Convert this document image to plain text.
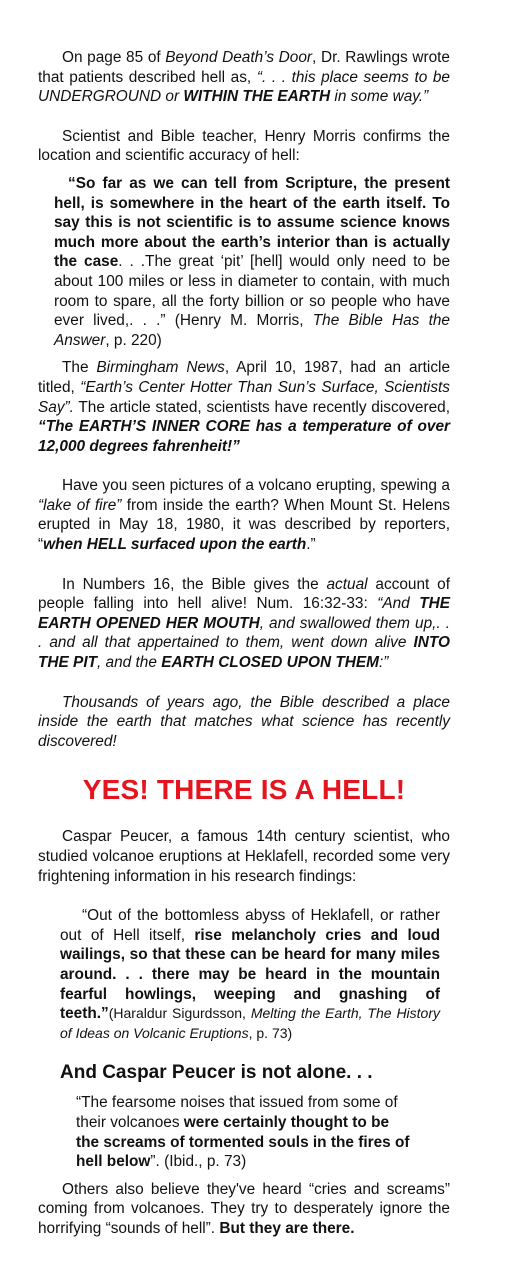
On page 85 of Beyond Death’s Door, Dr. Rawlings wrote that patients described hell as, “. . . this place seems to be UNDERGROUND or WITHIN THE EARTH in some way.”

Scientist and Bible teacher, Henry Morris confirms the location and scientific accuracy of hell:

“So far as we can tell from Scripture, the present hell, is somewhere in the heart of the earth itself. To say this is not scientific is to assume science knows much more about the earth’s interior than is actually the case. . .The great ‘pit’ [hell] would only need to be about 100 miles or less in diameter to contain, with much room to spare, all the forty billion or so people who have ever lived,. . .” (Henry M. Morris, The Bible Has the Answer, p. 220)

The Birmingham News, April 10, 1987, had an article titled, “Earth’s Center Hotter Than Sun’s Surface, Scientists Say”. The article stated, scientists have recently discovered, “The EARTH’S INNER CORE has a temperature of over 12,000 degrees fahrenheit!”

Have you seen pictures of a volcano erupting, spewing a “lake of fire” from inside the earth? When Mount St. Helens erupted in May 18, 1980, it was described by reporters, “when HELL surfaced upon the earth.”

In Numbers 16, the Bible gives the actual account of people falling into hell alive! Num. 16:32-33: “And THE EARTH OPENED HER MOUTH, and swallowed them up,. . . and all that appertained to them, went down alive INTO THE PIT, and the EARTH CLOSED UPON THEM:”

Thousands of years ago, the Bible described a place inside the earth that matches what science has recently discovered!

YES! THERE IS A HELL!

Caspar Peucer, a famous 14th century scientist, who studied volcanoe eruptions at Heklafell, recorded some very frightening information in his research findings:

“Out of the bottomless abyss of Heklafell, or rather out of Hell itself, rise melancholy cries and loud wailings, so that these can be heard for many miles around. . . there may be heard in the mountain fearful howlings, weeping and gnashing of teeth.”(Haraldur Sigurdsson, Melting the Earth, The History of Ideas on Volcanic Eruptions, p. 73)

And Caspar Peucer is not alone. . .

“The fearsome noises that issued from some of their volcanoes were certainly thought to be the screams of tormented souls in the fires of hell below”. (Ibid., p. 73)

Others also believe they've heard “cries and screams” coming from volcanoes. They try to desperately ignore the horrifying “sounds of hell”. But they are there.
